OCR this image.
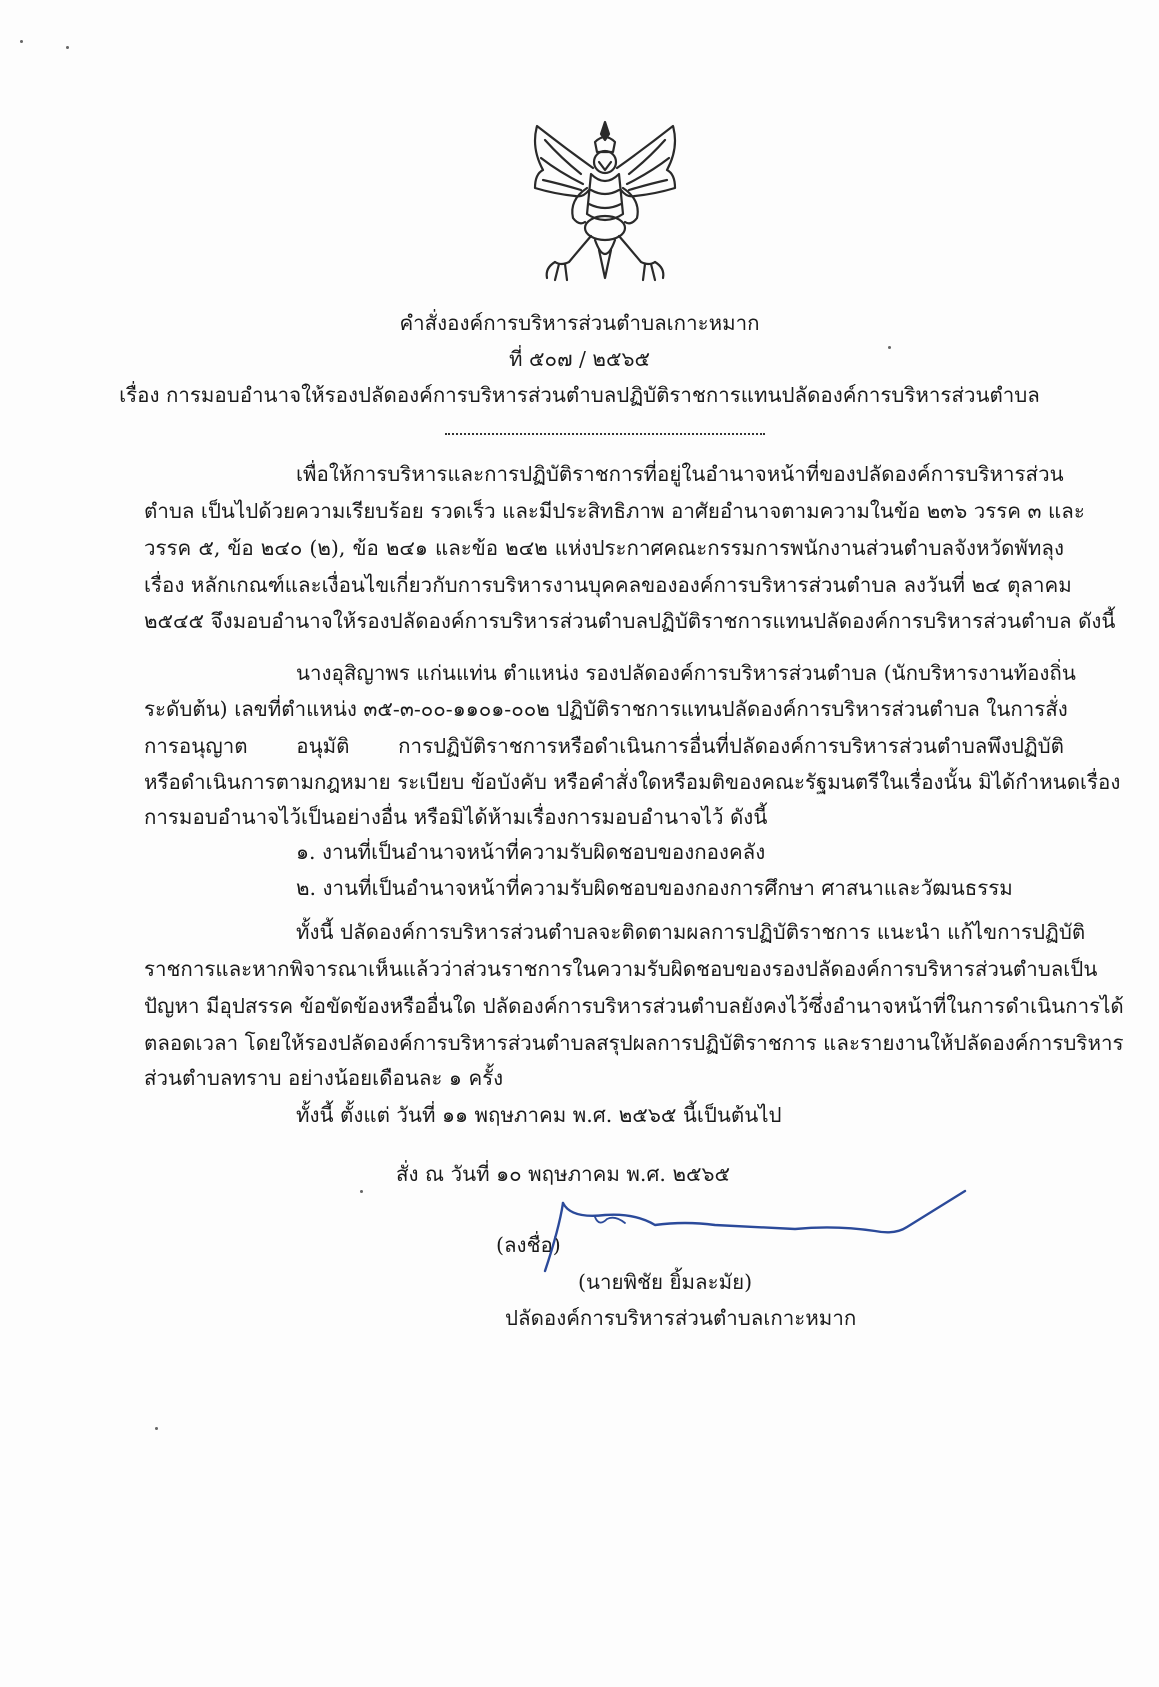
คำสั่งองค์การบริหารส่วนตำบลเกาะหมาก
ที่ ๕๐๗ / ๒๕๖๕
เรื่อง การมอบอำนาจให้รองปลัดองค์การบริหารส่วนตำบลปฏิบัติราชการแทนปลัดองค์การบริหารส่วนตำบล
เพื่อให้การบริหารและการปฏิบัติราชการที่อยู่ในอำนาจหน้าที่ของปลัดองค์การบริหารส่วน
ตำบล เป็นไปด้วยความเรียบร้อย รวดเร็ว และมีประสิทธิภาพ อาศัยอำนาจตามความในข้อ ๒๓๖ วรรค ๓ และ
วรรค ๕, ข้อ ๒๔๐ (๒), ข้อ ๒๔๑ และข้อ ๒๔๒ แห่งประกาศคณะกรรมการพนักงานส่วนตำบลจังหวัดพัทลุง
เรื่อง หลักเกณฑ์และเงื่อนไขเกี่ยวกับการบริหารงานบุคคลขององค์การบริหารส่วนตำบล ลงวันที่ ๒๔ ตุลาคม
๒๕๔๕ จึงมอบอำนาจให้รองปลัดองค์การบริหารส่วนตำบลปฏิบัติราชการแทนปลัดองค์การบริหารส่วนตำบล ดังนี้
นางอุสิญาพร แก่นแท่น ตำแหน่ง รองปลัดองค์การบริหารส่วนตำบล (นักบริหารงานท้องถิ่น
ระดับต้น) เลขที่ตำแหน่ง ๓๕-๓-๐๐-๑๑๐๑-๐๐๒ ปฏิบัติราชการแทนปลัดองค์การบริหารส่วนตำบล ในการสั่ง
การอนุญาต อนุมัติ การปฏิบัติราชการหรือดำเนินการอื่นที่ปลัดองค์การบริหารส่วนตำบลพึงปฏิบัติ
หรือดำเนินการตามกฎหมาย ระเบียบ ข้อบังคับ หรือคำสั่งใดหรือมติของคณะรัฐมนตรีในเรื่องนั้น มิได้กำหนดเรื่อง
การมอบอำนาจไว้เป็นอย่างอื่น หรือมิได้ห้ามเรื่องการมอบอำนาจไว้ ดังนี้
๑. งานที่เป็นอำนาจหน้าที่ความรับผิดชอบของกองคลัง
๒. งานที่เป็นอำนาจหน้าที่ความรับผิดชอบของกองการศึกษา ศาสนาและวัฒนธรรม
ทั้งนี้ ปลัดองค์การบริหารส่วนตำบลจะติดตามผลการปฏิบัติราชการ แนะนำ แก้ไขการปฏิบัติ
ราชการและหากพิจารณาเห็นแล้วว่าส่วนราชการในความรับผิดชอบของรองปลัดองค์การบริหารส่วนตำบลเป็น
ปัญหา มีอุปสรรค ข้อขัดข้องหรืออื่นใด ปลัดองค์การบริหารส่วนตำบลยังคงไว้ซึ่งอำนาจหน้าที่ในการดำเนินการได้
ตลอดเวลา โดยให้รองปลัดองค์การบริหารส่วนตำบลสรุปผลการปฏิบัติราชการ และรายงานให้ปลัดองค์การบริหาร
ส่วนตำบลทราบ อย่างน้อยเดือนละ ๑ ครั้ง
ทั้งนี้ ตั้งแต่ วันที่ ๑๑ พฤษภาคม พ.ศ. ๒๕๖๕ นี้เป็นต้นไป
สั่ง ณ วันที่ ๑๐ พฤษภาคม พ.ศ. ๒๕๖๕
(ลงชื่อ)
(นายพิชัย ยิ้มละมัย)
ปลัดองค์การบริหารส่วนตำบลเกาะหมาก
